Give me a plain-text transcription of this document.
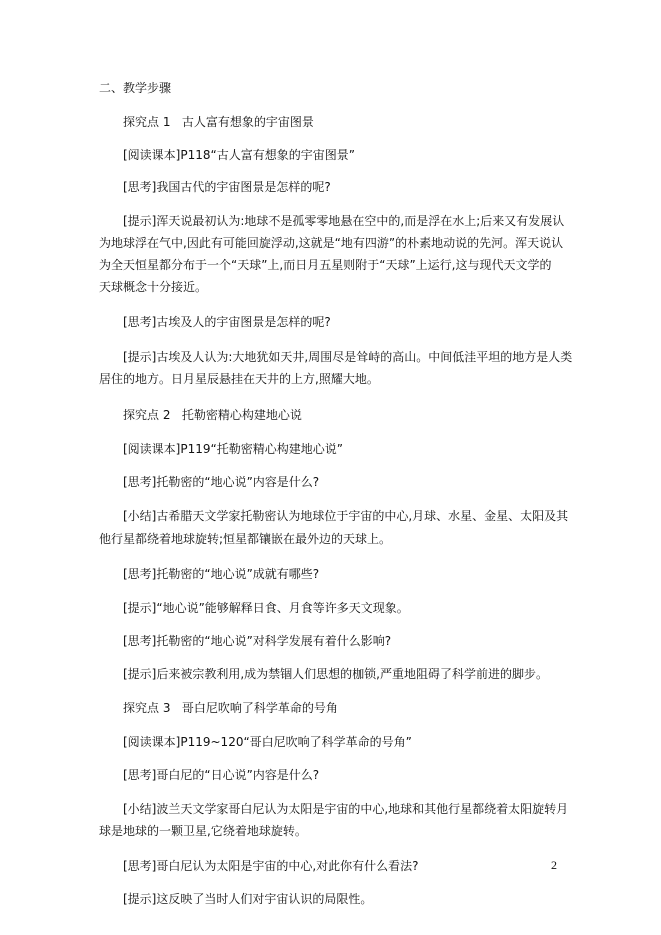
二、教学步骤
探究点 1 古人富有想象的宇宙图景
[阅读课本]P118“古人富有想象的宇宙图景”
[思考]我国古代的宇宙图景是怎样的呢?
[提示]浑天说最初认为:地球不是孤零零地悬在空中的,而是浮在水上;后来又有发展认
为地球浮在气中,因此有可能回旋浮动,这就是“地有四游”的朴素地动说的先河。浑天说认
为全天恒星都分布于一个“天球”上,而日月五星则附于“天球”上运行,这与现代天文学的
天球概念十分接近。
[思考]古埃及人的宇宙图景是怎样的呢?
[提示]古埃及人认为:大地犹如天井,周围尽是耸峙的高山。中间低洼平坦的地方是人类
居住的地方。日月星辰悬挂在天井的上方,照耀大地。
探究点 2 托勒密精心构建地心说
[阅读课本]P119“托勒密精心构建地心说”
[思考]托勒密的“地心说”内容是什么?
[小结]古希腊天文学家托勒密认为地球位于宇宙的中心,月球、水星、金星、太阳及其
他行星都绕着地球旋转;恒星都镶嵌在最外边的天球上。
[思考]托勒密的“地心说”成就有哪些?
[提示]“地心说”能够解释日食、月食等许多天文现象。
[思考]托勒密的“地心说”对科学发展有着什么影响?
[提示]后来被宗教利用,成为禁锢人们思想的枷锁,严重地阻碍了科学前进的脚步。
探究点 3 哥白尼吹响了科学革命的号角
[阅读课本]P119~120“哥白尼吹响了科学革命的号角”
[思考]哥白尼的“日心说”内容是什么?
[小结]波兰天文学家哥白尼认为太阳是宇宙的中心,地球和其他行星都绕着太阳旋转月
球是地球的一颗卫星,它绕着地球旋转。
[思考]哥白尼认为太阳是宇宙的中心,对此你有什么看法?
[提示]这反映了当时人们对宇宙认识的局限性。
2
